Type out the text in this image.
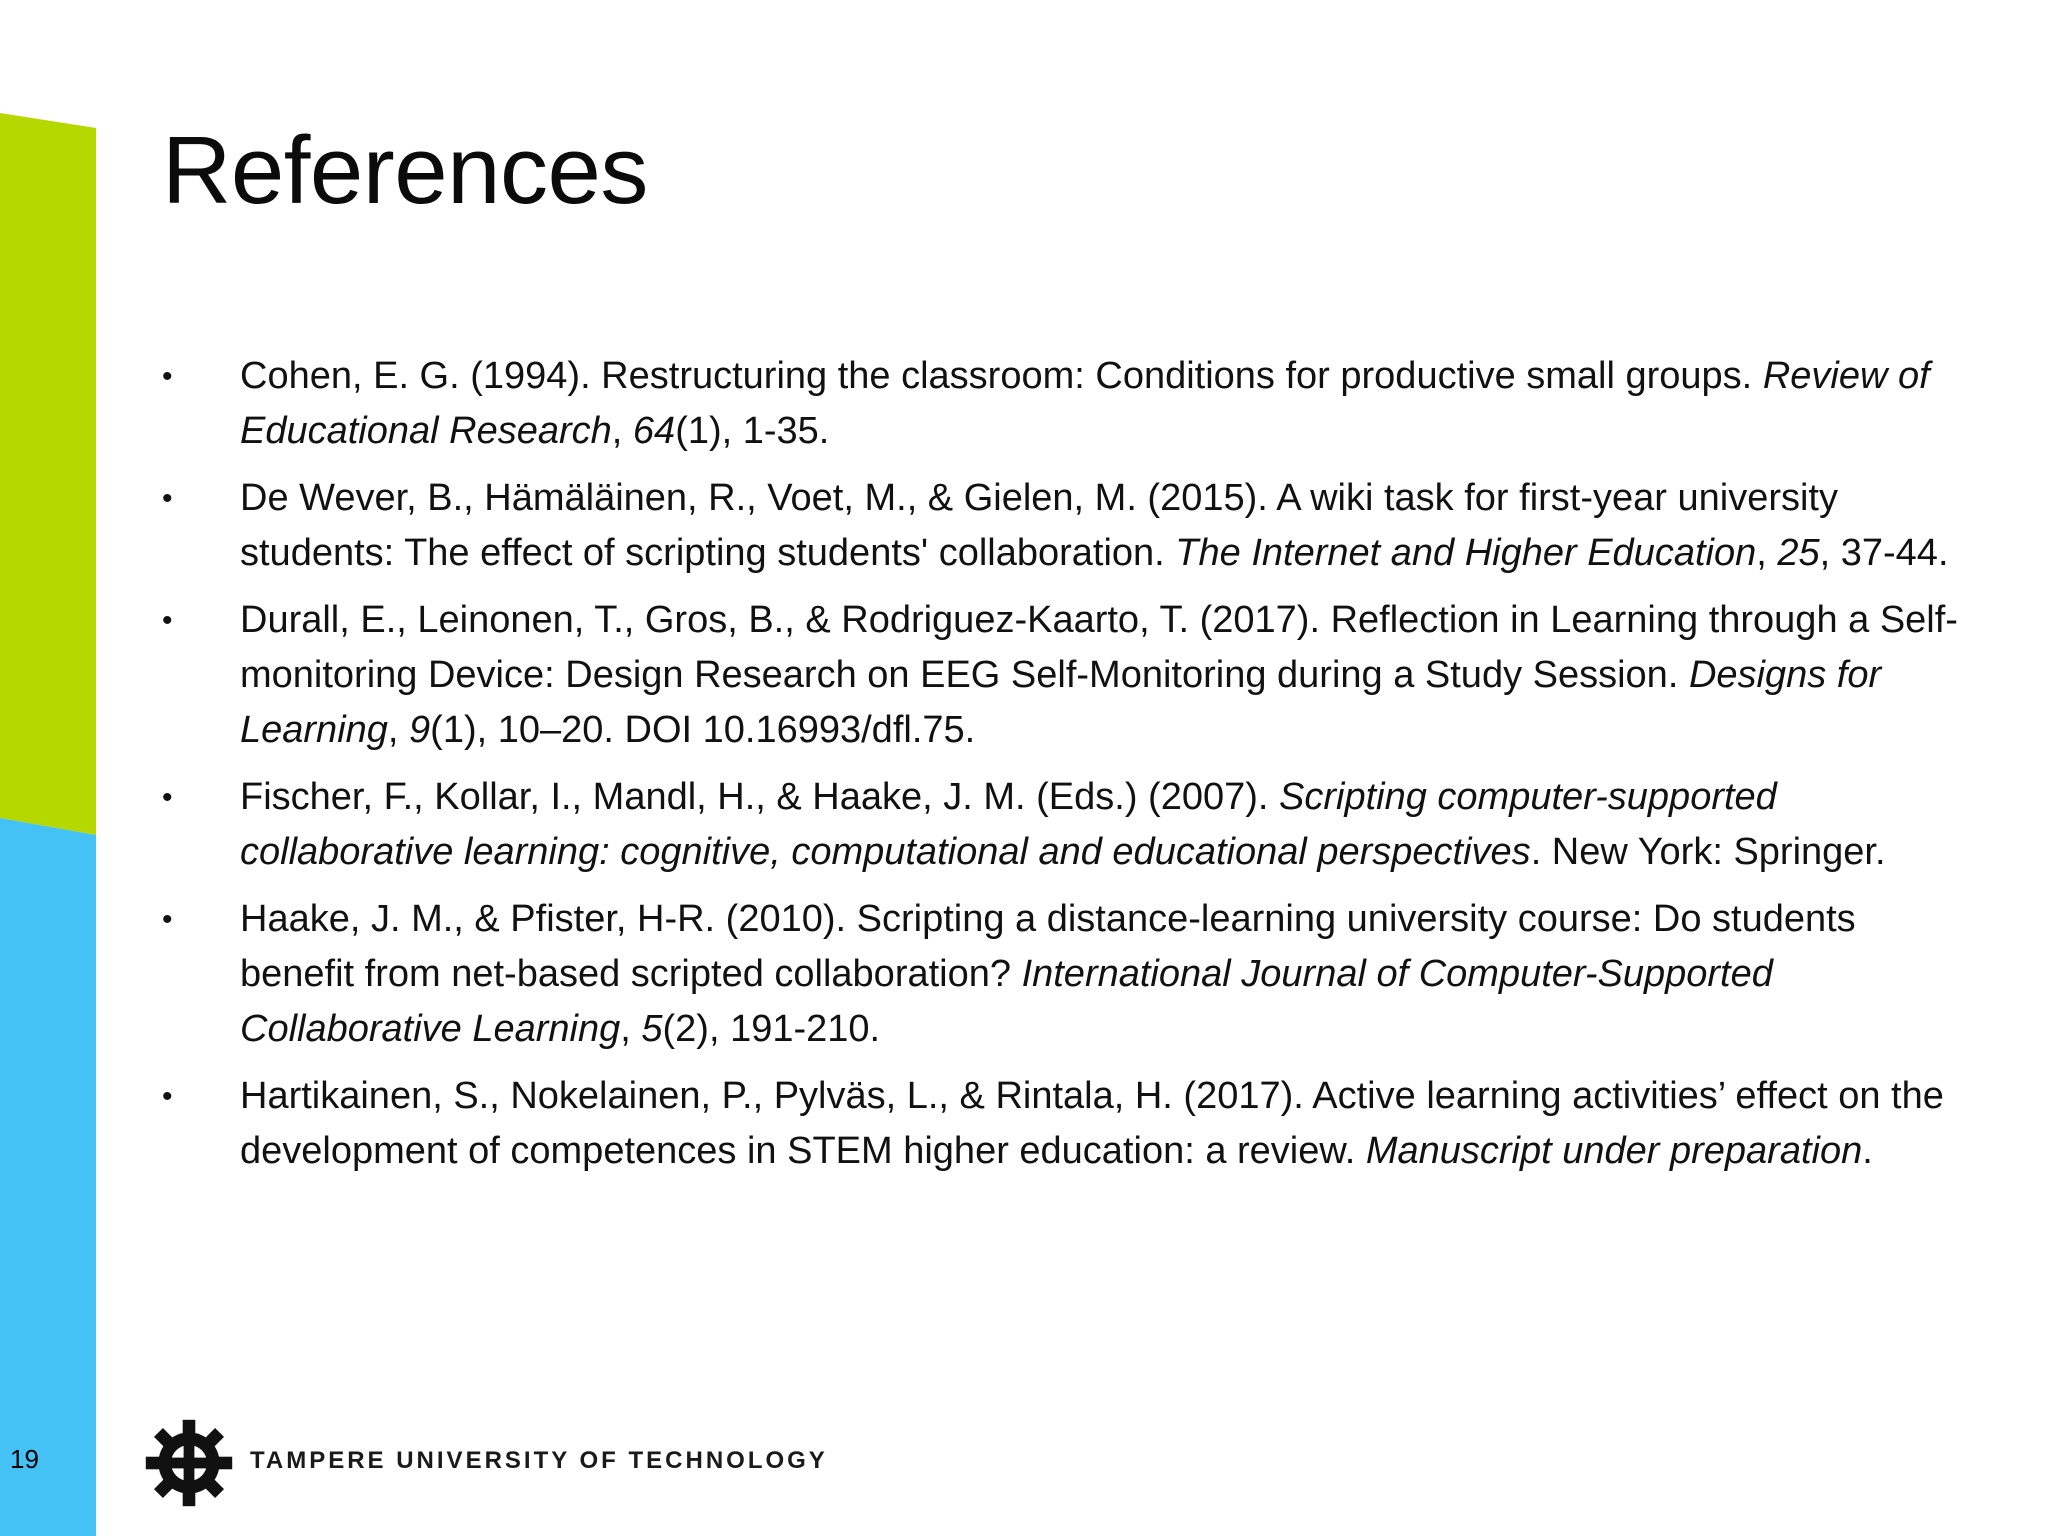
References
• Cohen, E. G. (1994). Restructuring the classroom: Conditions for productive small groups. Review of Educational Research, 64(1), 1-35.
• De Wever, B., Hämäläinen, R., Voet, M., & Gielen, M. (2015). A wiki task for first-year university students: The effect of scripting students' collaboration. The Internet and Higher Education, 25, 37-44.
• Durall, E., Leinonen, T., Gros, B., & Rodriguez-Kaarto, T. (2017). Reflection in Learning through a Self-monitoring Device: Design Research on EEG Self-Monitoring during a Study Session. Designs for Learning, 9(1), 10–20. DOI 10.16993/dfl.75.
• Fischer, F., Kollar, I., Mandl, H., & Haake, J. M. (Eds.) (2007). Scripting computer-supported collaborative learning: cognitive, computational and educational perspectives. New York: Springer.
• Haake, J. M., & Pfister, H-R. (2010). Scripting a distance-learning university course: Do students benefit from net-based scripted collaboration? International Journal of Computer-Supported Collaborative Learning, 5(2), 191-210.
• Hartikainen, S., Nokelainen, P., Pylväs, L., & Rintala, H. (2017). Active learning activities’ effect on the development of competences in STEM higher education: a review. Manuscript under preparation.
19	TAMPERE UNIVERSITY OF TECHNOLOGY
